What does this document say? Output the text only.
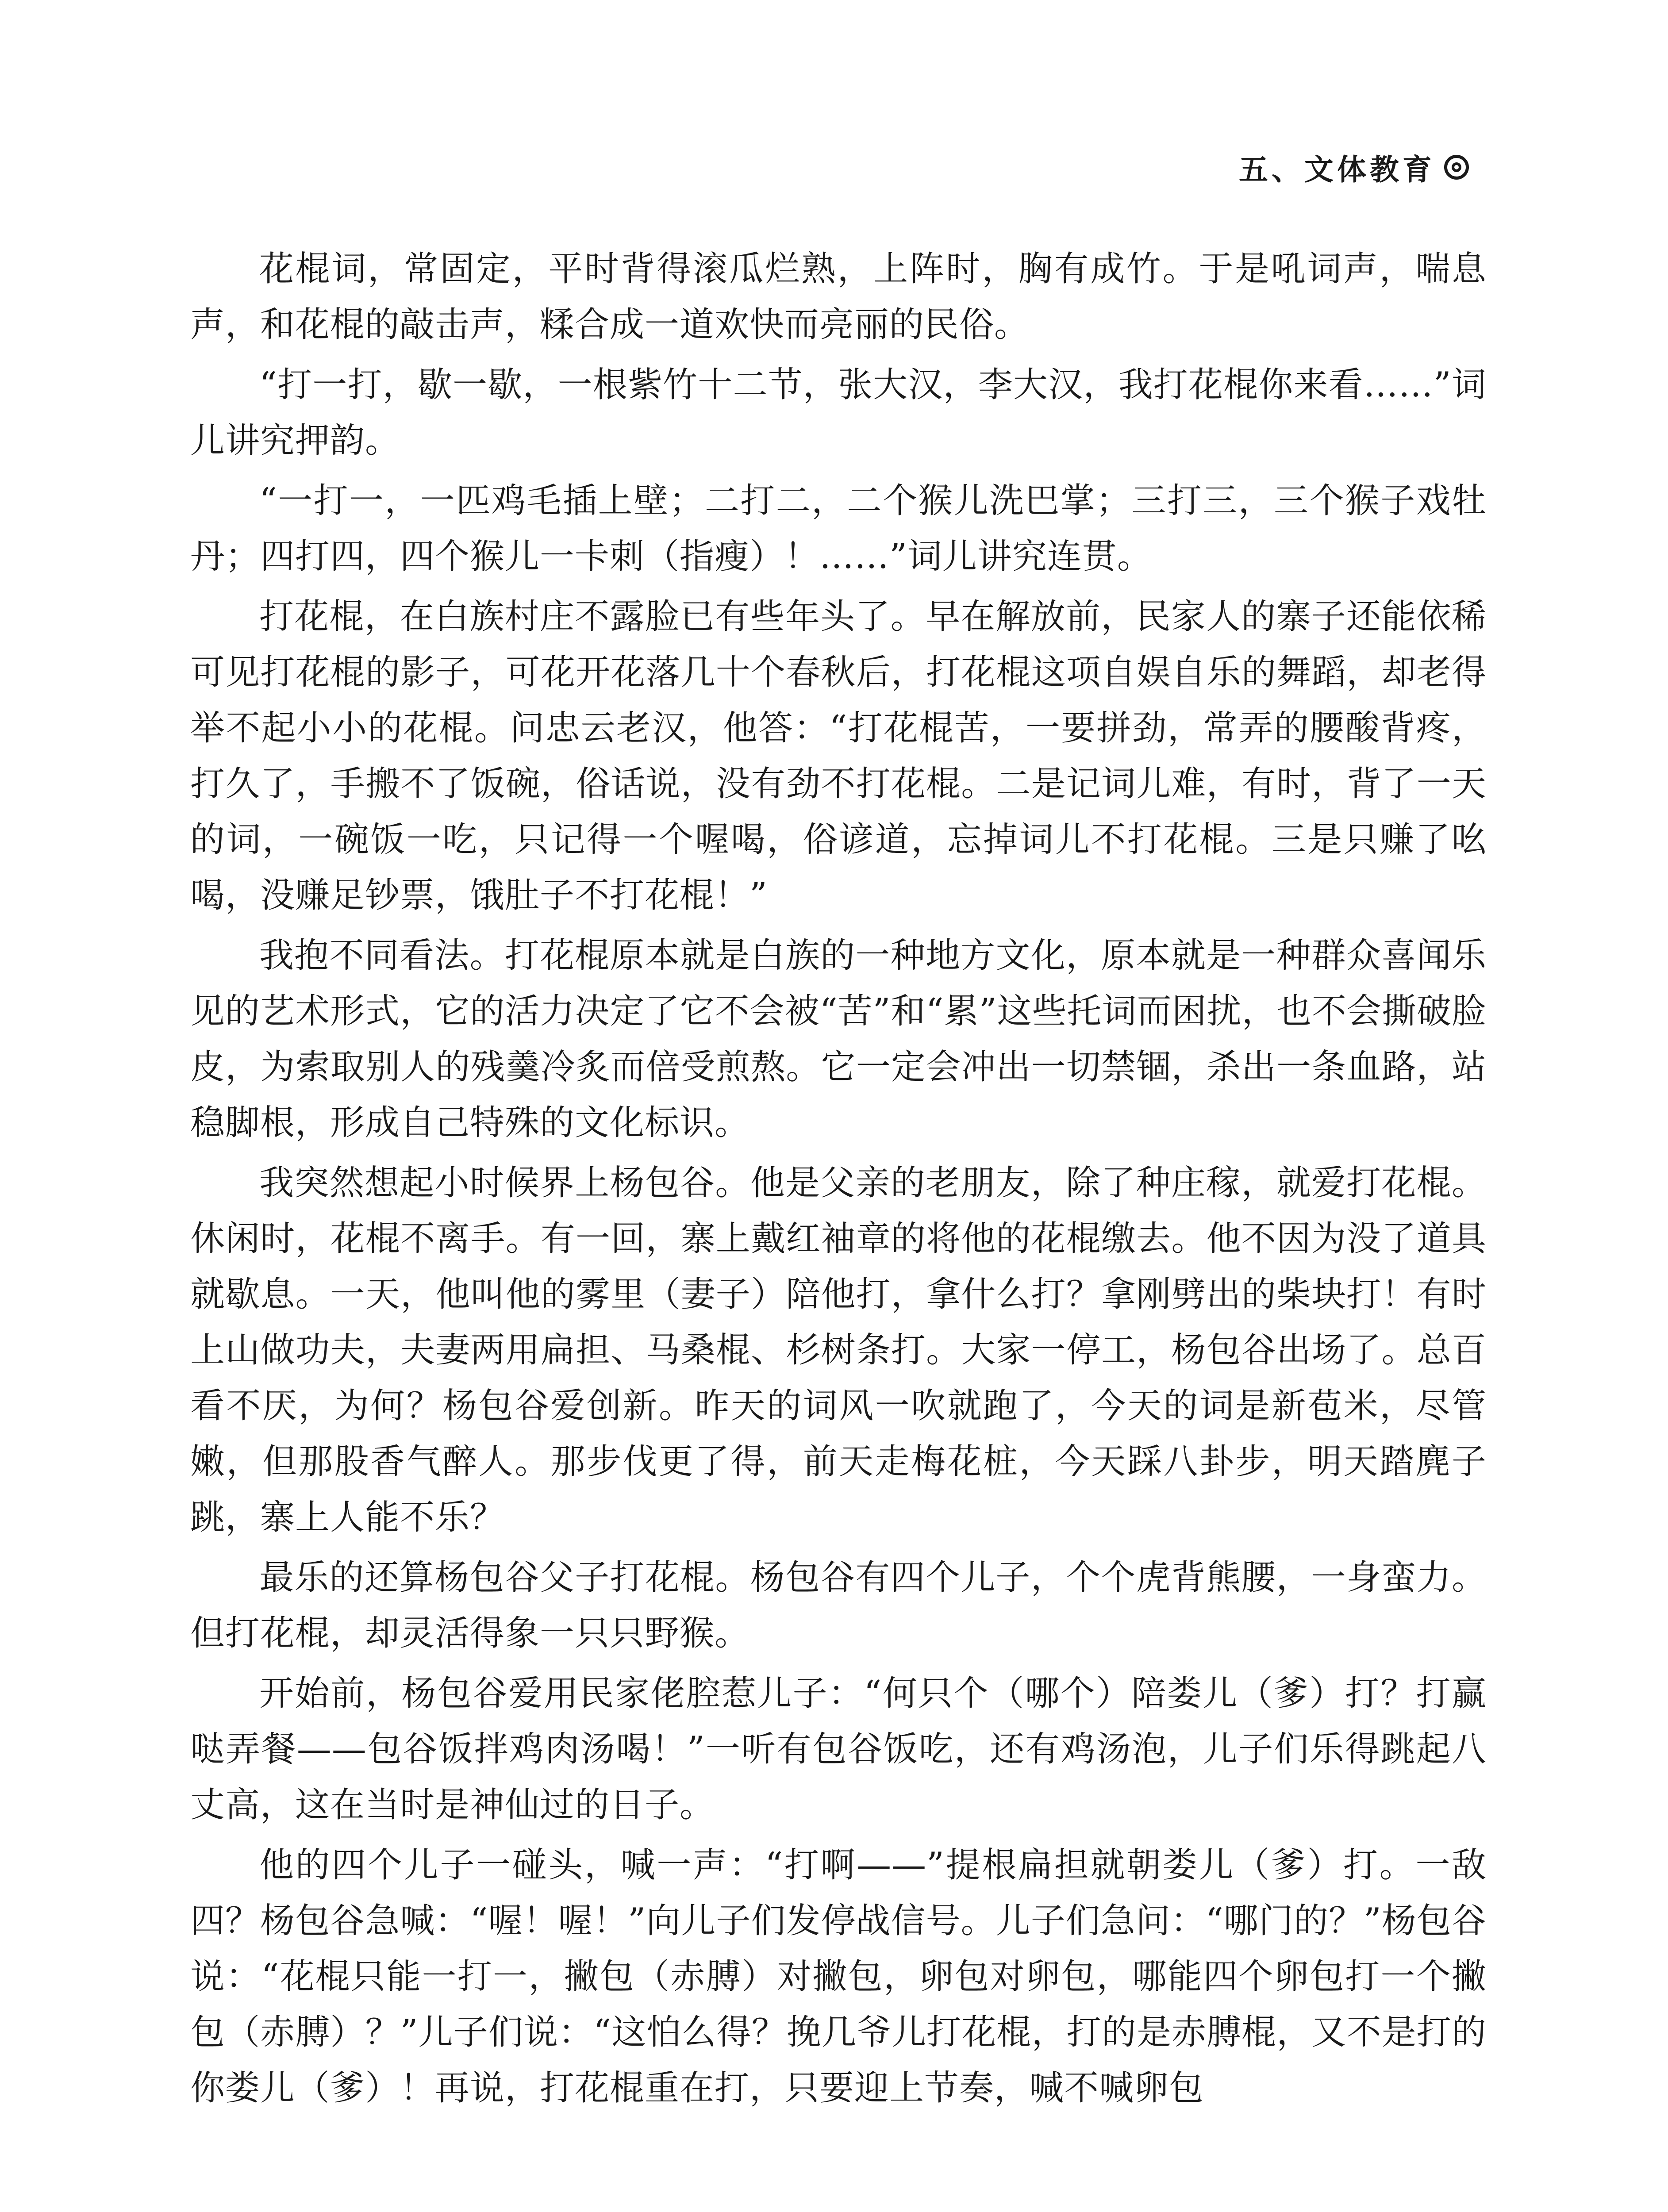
五、文体教育

花棍词，常固定，平时背得滚瓜烂熟，上阵时，胸有成竹。于是吼词声，喘息声，和花棍的敲击声，糅合成一道欢快而亮丽的民俗。

“打一打，歇一歇，一根紫竹十二节，张大汉，李大汉，我打花棍你来看……”词儿讲究押韵。

“一打一，一匹鸡毛插上壁；二打二，二个猴儿洗巴掌；三打三，三个猴子戏牡丹；四打四，四个猴儿一卡刺（指瘦）！……”词儿讲究连贯。

打花棍，在白族村庄不露脸已有些年头了。早在解放前，民家人的寨子还能依稀可见打花棍的影子，可花开花落几十个春秋后，打花棍这项自娱自乐的舞蹈，却老得举不起小小的花棍。问忠云老汉，他答：“打花棍苦，一要拼劲，常弄的腰酸背疼，打久了，手搬不了饭碗，俗话说，没有劲不打花棍。二是记词儿难，有时，背了一天的词，一碗饭一吃，只记得一个喔喝，俗谚道，忘掉词儿不打花棍。三是只赚了吆喝，没赚足钞票，饿肚子不打花棍！”

我抱不同看法。打花棍原本就是白族的一种地方文化，原本就是一种群众喜闻乐见的艺术形式，它的活力决定了它不会被“苦”和“累”这些托词而困扰，也不会撕破脸皮，为索取别人的残羹冷炙而倍受煎熬。它一定会冲出一切禁锢，杀出一条血路，站稳脚根，形成自己特殊的文化标识。

我突然想起小时候界上杨包谷。他是父亲的老朋友，除了种庄稼，就爱打花棍。休闲时，花棍不离手。有一回，寨上戴红袖章的将他的花棍缴去。他不因为没了道具就歇息。一天，他叫他的雾里（妻子）陪他打，拿什么打？拿刚劈出的柴块打！有时上山做功夫，夫妻两用扁担、马桑棍、杉树条打。大家一停工，杨包谷出场了。总百看不厌，为何？杨包谷爱创新。昨天的词风一吹就跑了，今天的词是新苞米，尽管嫩，但那股香气醉人。那步伐更了得，前天走梅花桩，今天踩八卦步，明天踏麂子跳，寨上人能不乐？

最乐的还算杨包谷父子打花棍。杨包谷有四个儿子，个个虎背熊腰，一身蛮力。但打花棍，却灵活得象一只只野猴。

开始前，杨包谷爱用民家佬腔惹儿子：“何只个（哪个）陪娄儿（爹）打？打赢哒弄餐——包谷饭拌鸡肉汤喝！”一听有包谷饭吃，还有鸡汤泡，儿子们乐得跳起八丈高，这在当时是神仙过的日子。

他的四个儿子一碰头，喊一声：“打啊——”提根扁担就朝娄儿（爹）打。一敌四？杨包谷急喊：“喔！喔！”向儿子们发停战信号。儿子们急问：“哪门的？”杨包谷说：“花棍只能一打一，撇包（赤膊）对撇包，卵包对卵包，哪能四个卵包打一个撇包（赤膊）？”儿子们说：“这怕么得？挽几爷儿打花棍，打的是赤膊棍，又不是打的你娄儿（爹）！再说，打花棍重在打，只要迎上节奏，喊不喊卵包
